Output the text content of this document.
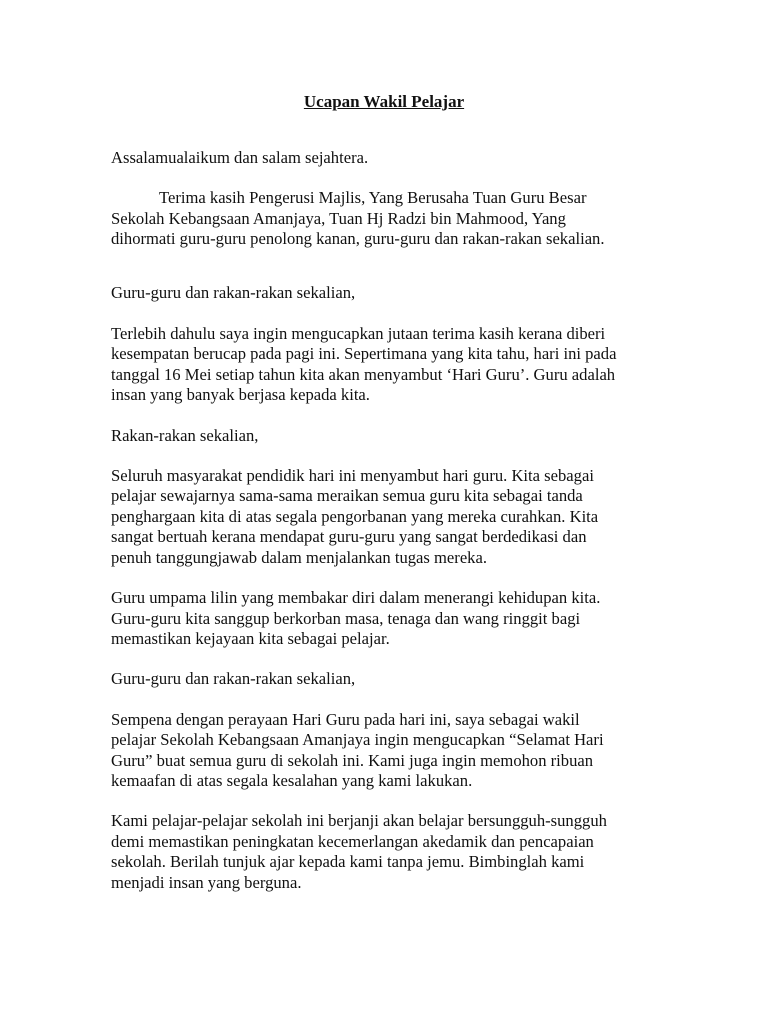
Ucapan Wakil Pelajar

Assalamualaikum dan salam sejahtera.

Terima kasih Pengerusi Majlis, Yang Berusaha Tuan Guru Besar
Sekolah Kebangsaan Amanjaya, Tuan Hj Radzi bin Mahmood, Yang
dihormati guru-guru penolong kanan, guru-guru dan rakan-rakan sekalian.

Guru-guru dan rakan-rakan sekalian,

Terlebih dahulu saya ingin mengucapkan jutaan terima kasih kerana diberi
kesempatan berucap pada pagi ini. Sepertimana yang kita tahu, hari ini pada
tanggal 16 Mei setiap tahun kita akan menyambut ‘Hari Guru’. Guru adalah
insan yang banyak berjasa kepada kita.

Rakan-rakan sekalian,

Seluruh masyarakat pendidik hari ini menyambut hari guru. Kita sebagai
pelajar sewajarnya sama-sama meraikan semua guru kita sebagai tanda
penghargaan kita di atas segala pengorbanan yang mereka curahkan. Kita
sangat bertuah kerana mendapat guru-guru yang sangat berdedikasi dan
penuh tanggungjawab dalam menjalankan tugas mereka.

Guru umpama lilin yang membakar diri dalam menerangi kehidupan kita.
Guru-guru kita sanggup berkorban masa, tenaga dan wang ringgit bagi
memastikan kejayaan kita sebagai pelajar.

Guru-guru dan rakan-rakan sekalian,

Sempena dengan perayaan Hari Guru pada hari ini, saya sebagai wakil
pelajar Sekolah Kebangsaan Amanjaya ingin mengucapkan “Selamat Hari
Guru” buat semua guru di sekolah ini. Kami juga ingin memohon ribuan
kemaafan di atas segala kesalahan yang kami lakukan.

Kami pelajar-pelajar sekolah ini berjanji akan belajar bersungguh-sungguh
demi memastikan peningkatan kecemerlangan akedamik dan pencapaian
sekolah. Berilah tunjuk ajar kepada kami tanpa jemu. Bimbinglah kami
menjadi insan yang berguna.
